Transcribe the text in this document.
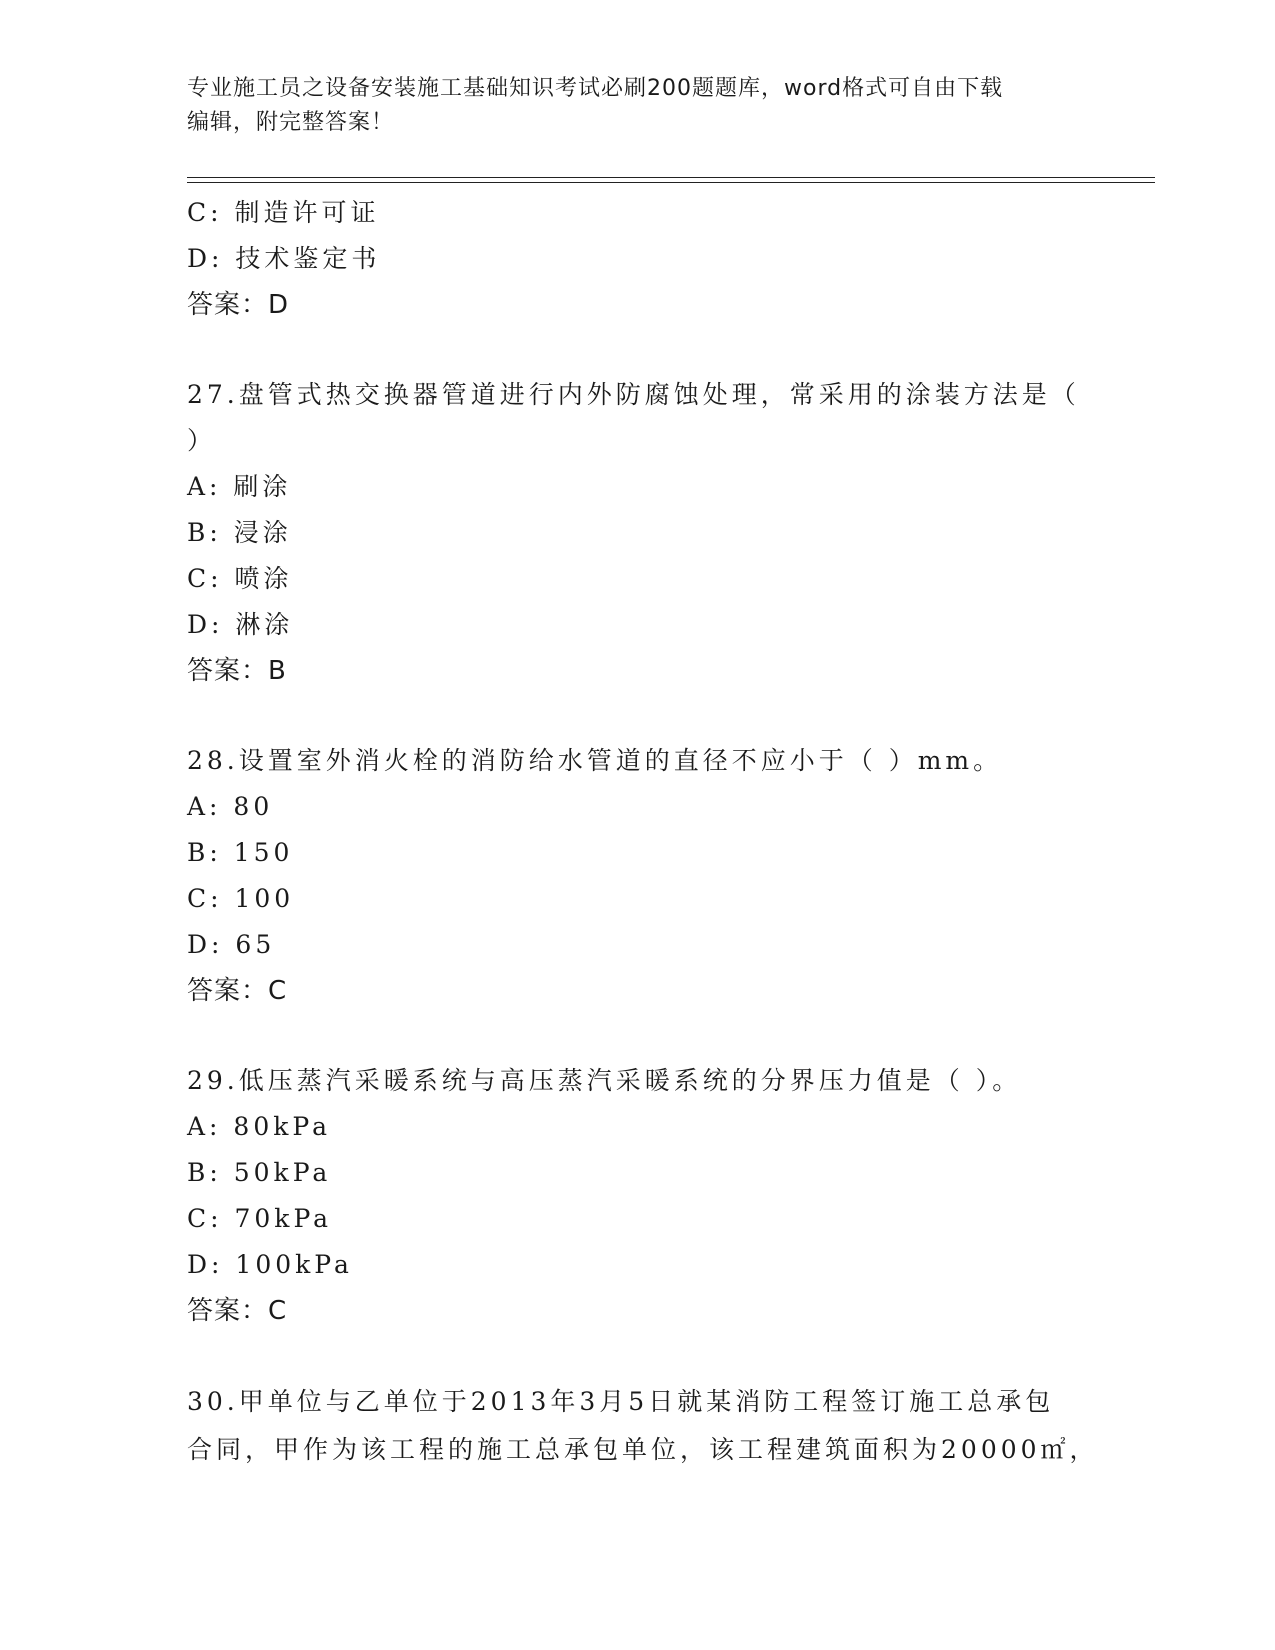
专业施工员之设备安装施工基础知识考试必刷200题题库，word格式可自由下载
编辑，附完整答案！
C: 制造许可证
D: 技术鉴定书
答案：D
27.盘管式热交换器管道进行内外防腐蚀处理，常采用的涂装方法是（
）
A: 刷涂
B: 浸涂
C: 喷涂
D: 淋涂
答案：B
28.设置室外消火栓的消防给水管道的直径不应小于（ ）mm。
A: 80
B: 150
C: 100
D: 65
答案：C
29.低压蒸汽采暖系统与高压蒸汽采暖系统的分界压力值是（ ）。
A: 80kPa
B: 50kPa
C: 70kPa
D: 100kPa
答案：C
30.甲单位与乙单位于2013年3月5日就某消防工程签订施工总承包
合同，甲作为该工程的施工总承包单位，该工程建筑面积为20000㎡，
